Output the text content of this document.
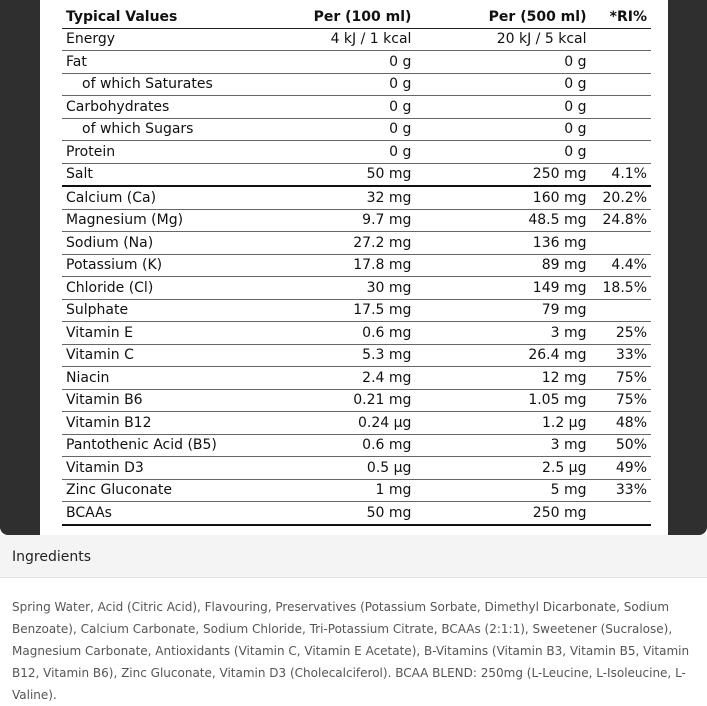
Typical Values	Per (100 ml)	Per (500 ml)	*RI%
Energy	4 kJ / 1 kcal	20 kJ / 5 kcal	
Fat	0 g	0 g	
of which Saturates	0 g	0 g	
Carbohydrates	0 g	0 g	
of which Sugars	0 g	0 g	
Protein	0 g	0 g	
Salt	50 mg	250 mg	4.1%
Calcium (Ca)	32 mg	160 mg	20.2%
Magnesium (Mg)	9.7 mg	48.5 mg	24.8%
Sodium (Na)	27.2 mg	136 mg	
Potassium (K)	17.8 mg	89 mg	4.4%
Chloride (Cl)	30 mg	149 mg	18.5%
Sulphate	17.5 mg	79 mg	
Vitamin E	0.6 mg	3 mg	25%
Vitamin C	5.3 mg	26.4 mg	33%
Niacin	2.4 mg	12 mg	75%
Vitamin B6	0.21 mg	1.05 mg	75%
Vitamin B12	0.24 µg	1.2 µg	48%
Pantothenic Acid (B5)	0.6 mg	3 mg	50%
Vitamin D3	0.5 µg	2.5 µg	49%
Zinc Gluconate	1 mg	5 mg	33%
BCAAs	50 mg	250 mg	
Ingredients
Spring Water, Acid (Citric Acid), Flavouring, Preservatives (Potassium Sorbate, Dimethyl Dicarbonate, Sodium Benzoate), Calcium Carbonate, Sodium Chloride, Tri-Potassium Citrate, BCAAs (2:1:1), Sweetener (Sucralose), Magnesium Carbonate, Antioxidants (Vitamin C, Vitamin E Acetate), B-Vitamins (Vitamin B3, Vitamin B5, Vitamin B12, Vitamin B6), Zinc Gluconate, Vitamin D3 (Cholecalciferol). BCAA BLEND: 250mg (L-Leucine, L-Isoleucine, L-Valine).
